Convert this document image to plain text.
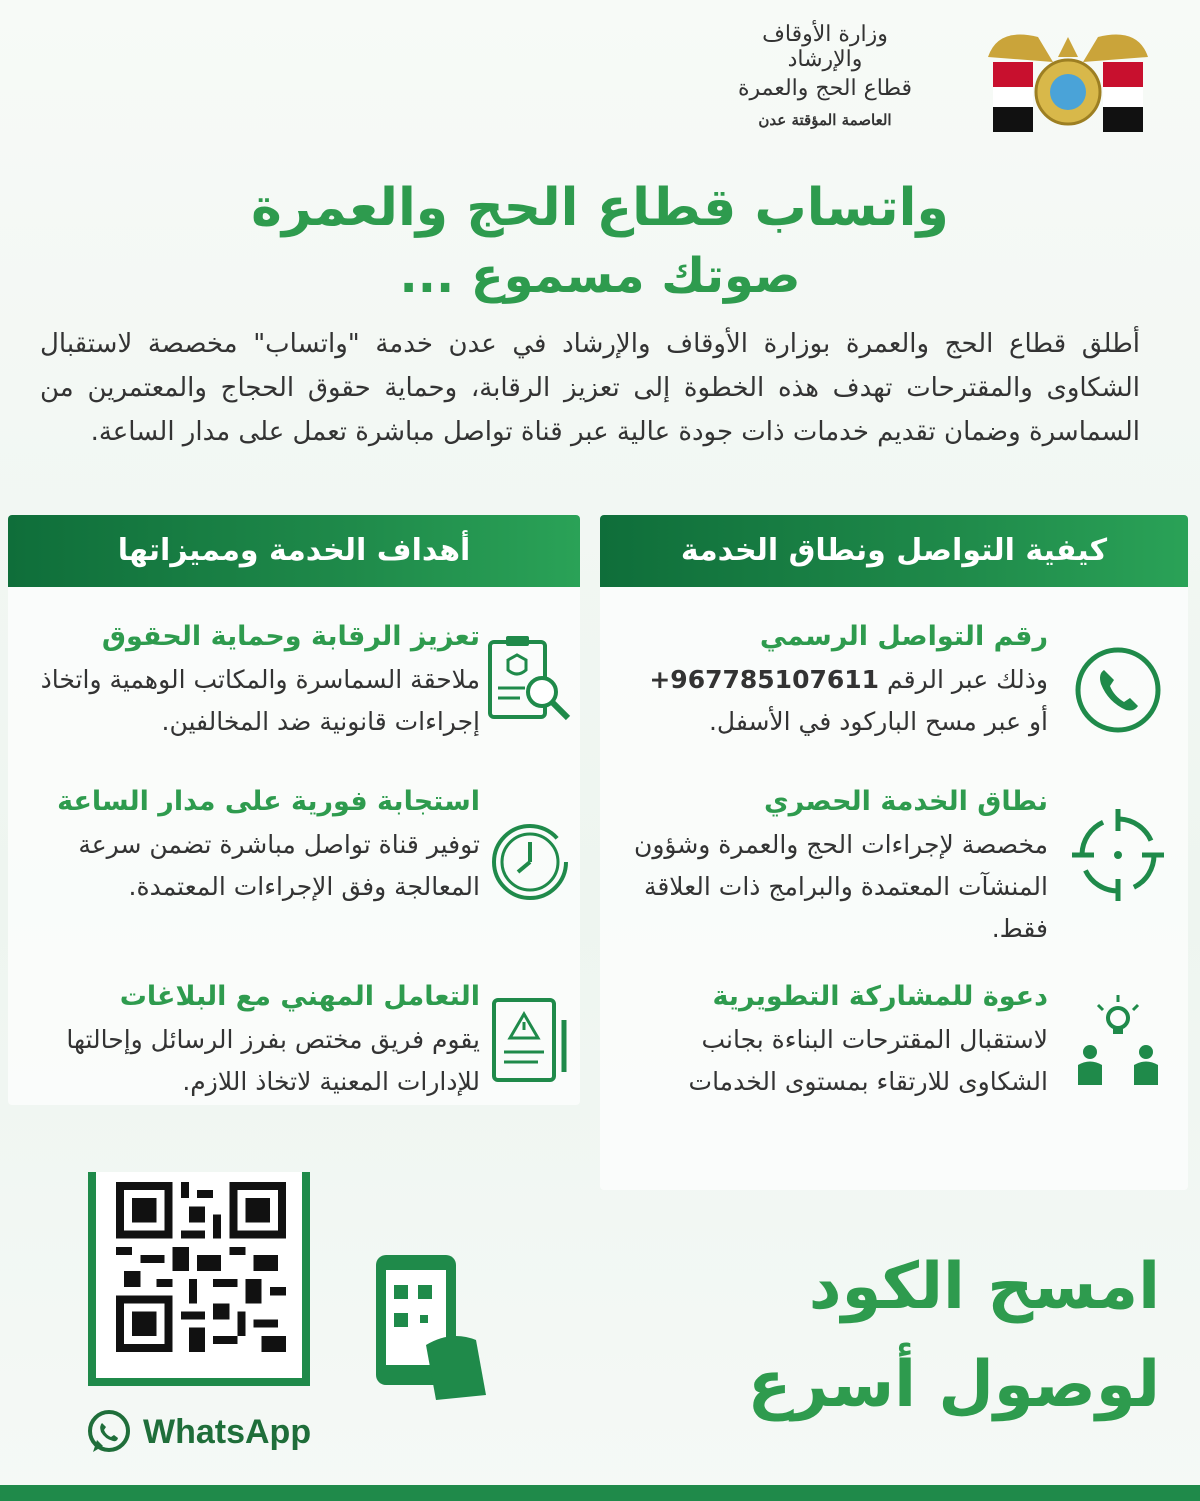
وزارة الأوقاف والإرشاد
قطاع الحج والعمرة
العاصمة المؤقتة عدن
واتساب قطاع الحج والعمرة
صوتك مسموع ...
أطلق قطاع الحج والعمرة بوزارة الأوقاف والإرشاد في عدن خدمة "واتساب" مخصصة لاستقبال الشكاوى والمقترحات تهدف هذه الخطوة إلى تعزيز الرقابة، وحماية حقوق الحجاج والمعتمرين من السماسرة وضمان تقديم خدمات ذات جودة عالية عبر قناة تواصل مباشرة تعمل على مدار الساعة.
كيفية التواصل ونطاق الخدمة
رقم التواصل الرسمي

وذلك عبر الرقم +967785107611

أو عبر مسح الباركود في الأسفل.

نطاق الخدمة الحصري

مخصصة لإجراءات الحج والعمرة وشؤون المنشآت المعتمدة والبرامج ذات العلاقة فقط.

دعوة للمشاركة التطويرية

لاستقبال المقترحات البناءة بجانب الشكاوى للارتقاء بمستوى الخدمات

أهداف الخدمة ومميزاتها
تعزيز الرقابة وحماية الحقوق

ملاحقة السماسرة والمكاتب الوهمية واتخاذ إجراءات قانونية ضد المخالفين.

استجابة فورية على مدار الساعة

توفير قناة تواصل مباشرة تضمن سرعة المعالجة وفق الإجراءات المعتمدة.

التعامل المهني مع البلاغات

يقوم فريق مختص بفرز الرسائل وإحالتها للإدارات المعنية لاتخاذ اللازم.

WhatsApp
امسح الكود
لوصول أسرع
